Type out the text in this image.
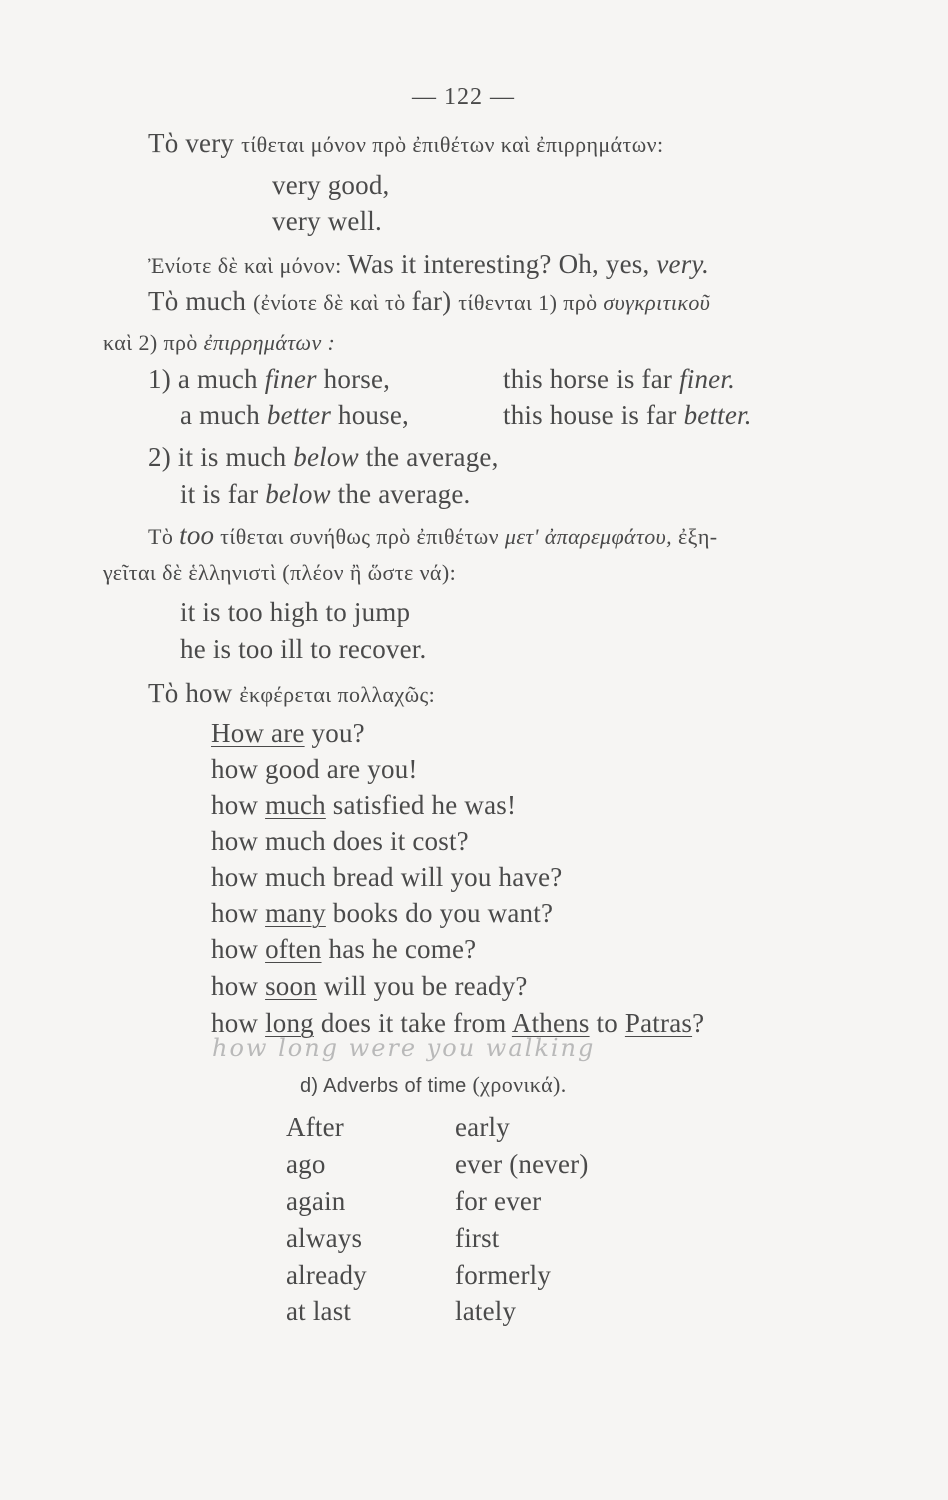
— 122 —
Τὸ very τίθεται μόνον πρὸ ἐπιθέτων καὶ ἐπιρρημάτων:
very good,
very well.
Ἐνίοτε δὲ καὶ μόνον: Was it interesting? Oh, yes, very.
Τὸ much (ἐνίοτε δὲ καὶ τὸ far) τίθενται 1) πρὸ συγκριτικοῦ
καὶ 2) πρὸ ἐπιρρημάτων :
1) a much finer horse,	this horse is far finer.
a much better house,	this house is far better.
2) it is much below the average,
it is far below the average.
Τὸ too τίθεται συνήθως πρὸ ἐπιθέτων μετ' ἀπαρεμφάτου, ἐξη-
γεῖται δὲ ἑλληνιστὶ (πλέον ἢ ὥστε νά):
it is too high to jump
he is too ill to recover.
Τὸ how ἐκφέρεται πολλαχῶς:
How are you?
how good are you!
how much satisfied he was!
how much does it cost?
how much bread will you have?
how many books do you want?
how often has he come?
how soon will you be ready?
how long does it take from Athens to Patras?
how long were you walking
d) Adverbs of time (χρονικά).
After
ago
again
always
already
at last
early
ever (never)
for ever
first
formerly
lately
